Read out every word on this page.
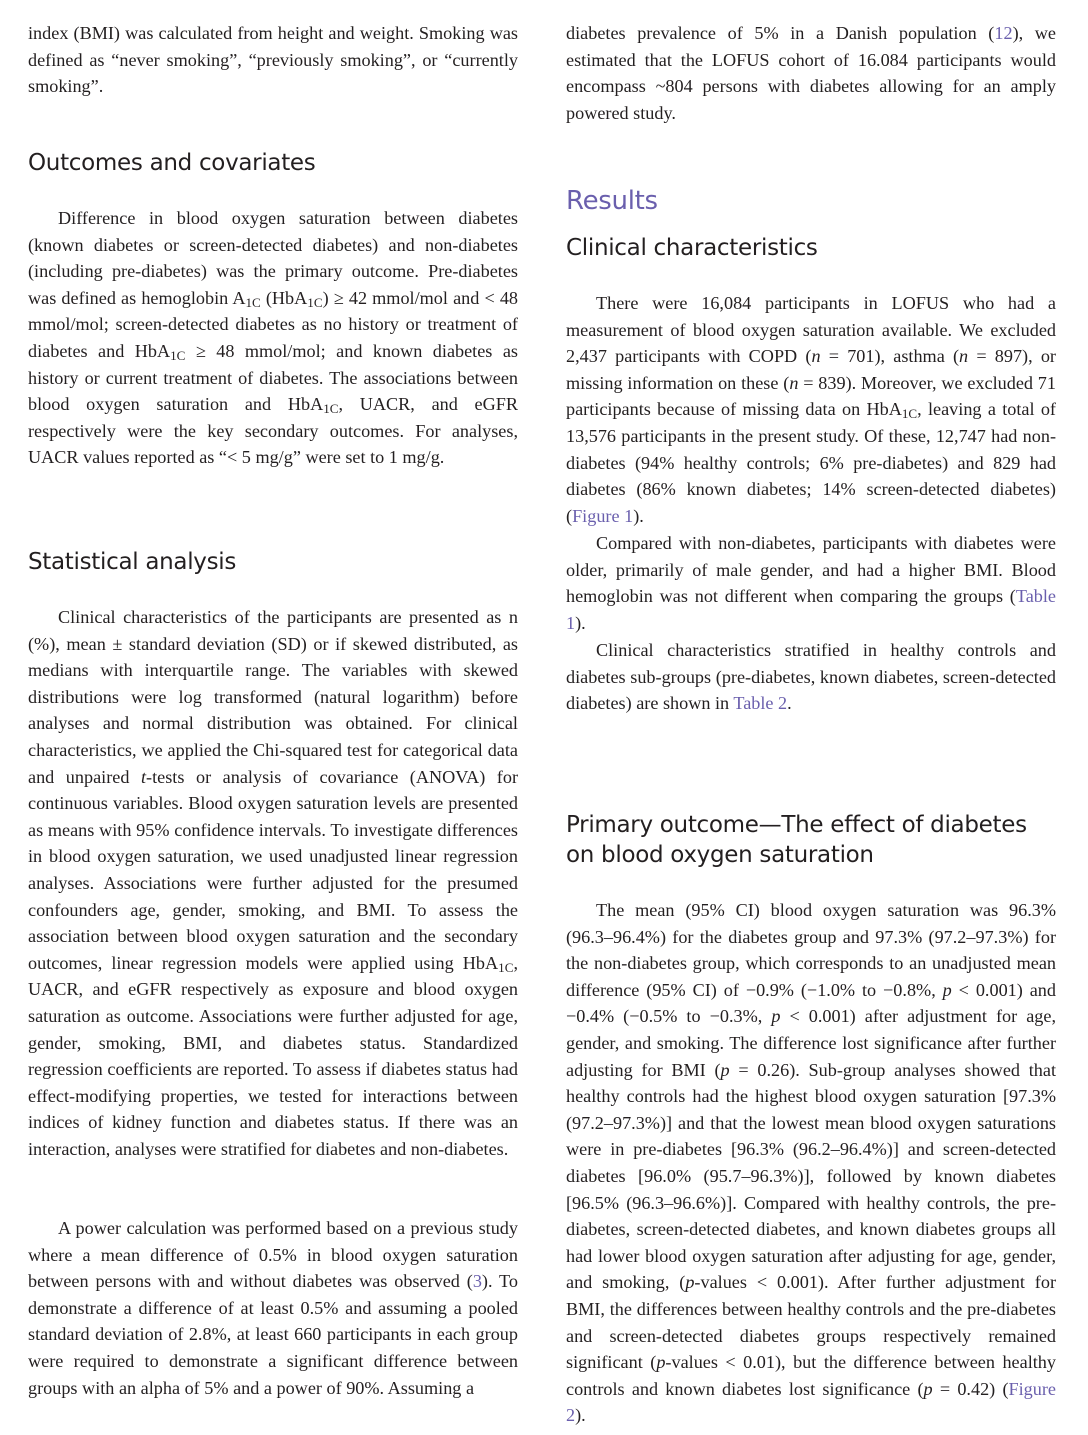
index (BMI) was calculated from height and weight. Smoking was defined as “never smoking”, “previously smoking”, or “currently smoking”.

Outcomes and covariates

Difference in blood oxygen saturation between diabetes (known diabetes or screen-detected diabetes) and non-diabetes (including pre-diabetes) was the primary outcome. Pre-diabetes was defined as hemoglobin $A_{1C}$ (HbA$_{1C}$) ≥ 42 mmol/mol and < 48 mmol/mol; screen-detected diabetes as no history or treatment of diabetes and HbA$_{1C}$ ≥ 48 mmol/mol; and known diabetes as history or current treatment of diabetes. The associations between blood oxygen saturation and HbA$_{1C}$, UACR, and eGFR respectively were the key secondary outcomes. For analyses, UACR values reported as “< 5 mg/g” were set to 1 mg/g.

Statistical analysis

Clinical characteristics of the participants are presented as n (%), mean ± standard deviation (SD) or if skewed distributed, as medians with interquartile range. The variables with skewed distributions were log transformed (natural logarithm) before analyses and normal distribution was obtained. For clinical characteristics, we applied the Chi-squared test for categorical data and unpaired t-tests or analysis of covariance (ANOVA) for continuous variables. Blood oxygen saturation levels are presented as means with 95% confidence intervals. To investigate differences in blood oxygen saturation, we used unadjusted linear regression analyses. Associations were further adjusted for the presumed confounders age, gender, smoking, and BMI. To assess the association between blood oxygen saturation and the secondary outcomes, linear regression models were applied using HbA$_{1C}$, UACR, and eGFR respectively as exposure and blood oxygen saturation as outcome. Associations were further adjusted for age, gender, smoking, BMI, and diabetes status. Standardized regression coefficients are reported. To assess if diabetes status had effect-modifying properties, we tested for interactions between indices of kidney function and diabetes status. If there was an interaction, analyses were stratified for diabetes and non-diabetes.

A power calculation was performed based on a previous study where a mean difference of 0.5% in blood oxygen saturation between persons with and without diabetes was observed (3). To demonstrate a difference of at least 0.5% and assuming a pooled standard deviation of 2.8%, at least 660 participants in each group were required to demonstrate a significant difference between groups with an alpha of 5% and a power of 90%. Assuming a

diabetes prevalence of 5% in a Danish population (12), we estimated that the LOFUS cohort of 16.084 participants would encompass ~804 persons with diabetes allowing for an amply powered study.

Results
Clinical characteristics

There were 16,084 participants in LOFUS who had a measurement of blood oxygen saturation available. We excluded 2,437 participants with COPD (n = 701), asthma (n = 897), or missing information on these (n = 839). Moreover, we excluded 71 participants because of missing data on HbA$_{1C}$, leaving a total of 13,576 participants in the present study. Of these, 12,747 had non-diabetes (94% healthy controls; 6% pre-diabetes) and 829 had diabetes (86% known diabetes; 14% screen-detected diabetes) (Figure 1).

Compared with non-diabetes, participants with diabetes were older, primarily of male gender, and had a higher BMI. Blood hemoglobin was not different when comparing the groups (Table 1).

Clinical characteristics stratified in healthy controls and diabetes sub-groups (pre-diabetes, known diabetes, screen-detected diabetes) are shown in Table 2.

Primary outcome—The effect of diabetes on blood oxygen saturation

The mean (95% CI) blood oxygen saturation was 96.3% (96.3–96.4%) for the diabetes group and 97.3% (97.2–97.3%) for the non-diabetes group, which corresponds to an unadjusted mean difference (95% CI) of −0.9% (−1.0% to −0.8%, p < 0.001) and −0.4% (−0.5% to −0.3%, p < 0.001) after adjustment for age, gender, and smoking. The difference lost significance after further adjusting for BMI (p = 0.26). Sub-group analyses showed that healthy controls had the highest blood oxygen saturation [97.3% (97.2–97.3%)] and that the lowest mean blood oxygen saturations were in pre-diabetes [96.3% (96.2–96.4%)] and screen-detected diabetes [96.0% (95.7–96.3%)], followed by known diabetes [96.5% (96.3–96.6%)]. Compared with healthy controls, the pre-diabetes, screen-detected diabetes, and known diabetes groups all had lower blood oxygen saturation after adjusting for age, gender, and smoking, (p-values < 0.001). After further adjustment for BMI, the differences between healthy controls and the pre-diabetes and screen-detected diabetes groups respectively remained significant (p-values < 0.01), but the difference between healthy controls and known diabetes lost significance (p = 0.42) (Figure 2).
